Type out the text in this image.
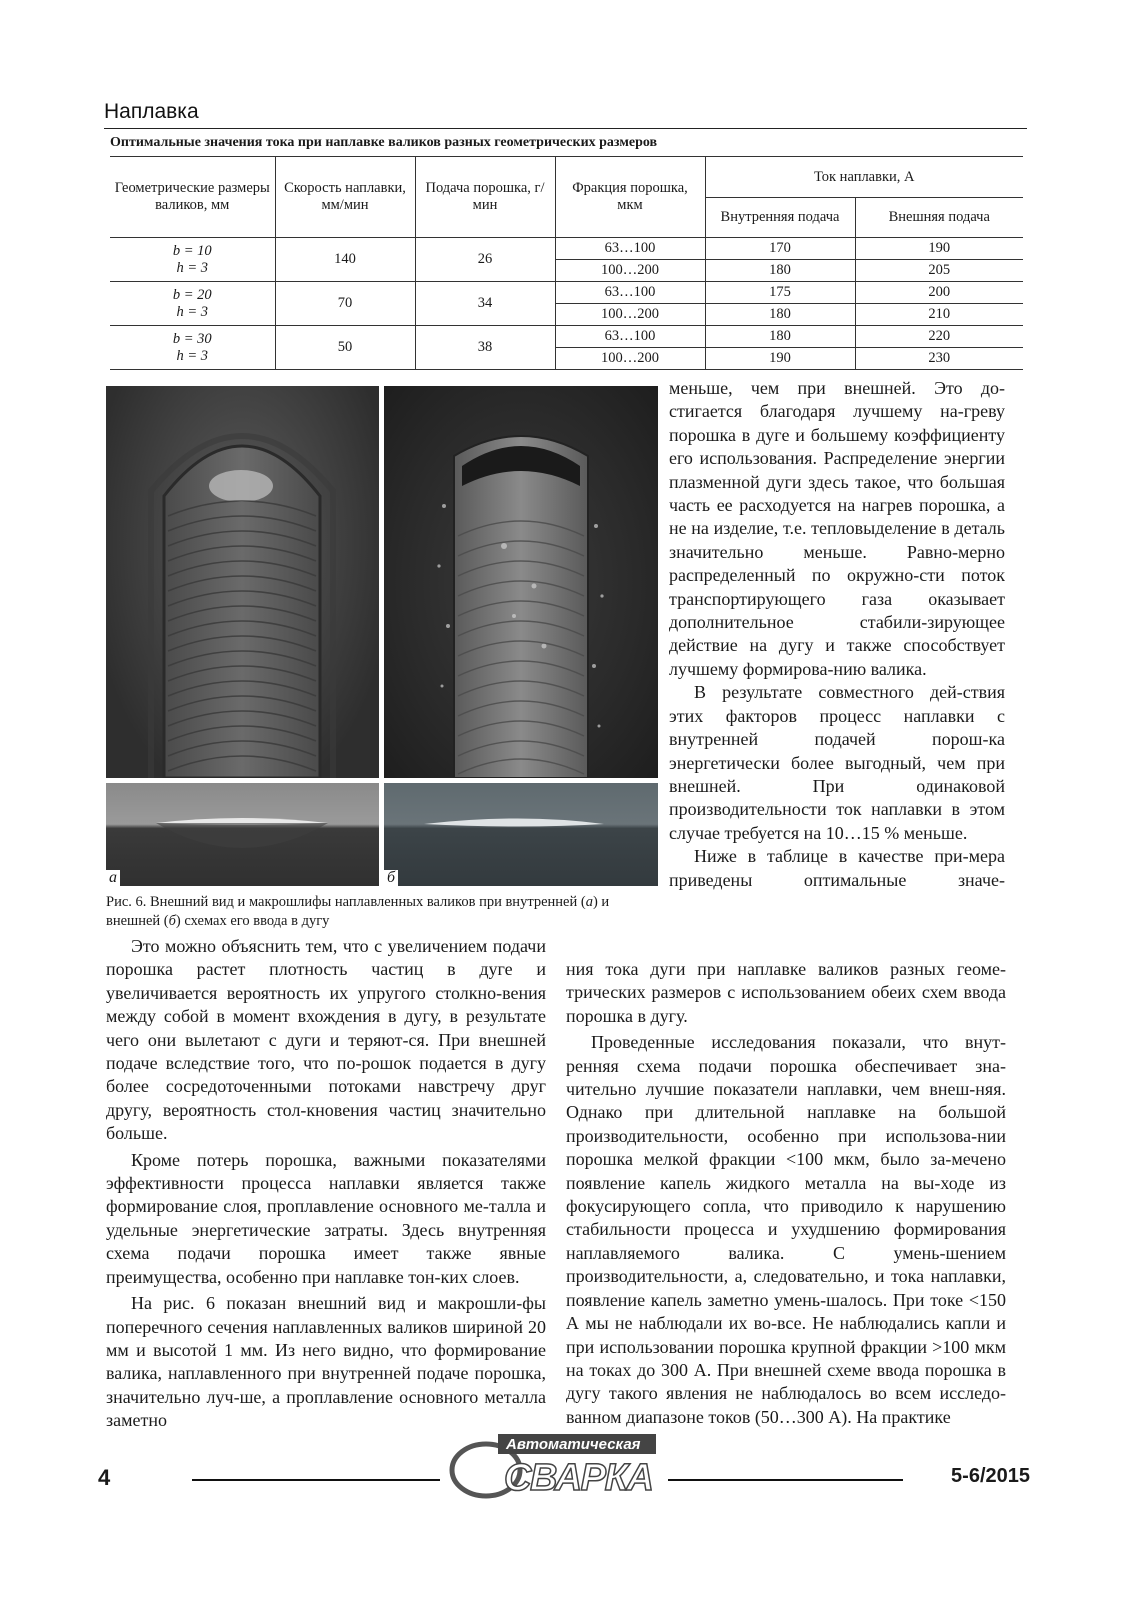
Наплавка
Оптимальные значения тока при наплавке валиков разных геометрических размеров
Геометрические размеры валиков, мм	Скорость наплавки, мм/мин	Подача порошка, г/мин	Фракция порошка, мкм	Ток наплавки, А	
				Внутренняя подача	Внешняя подача
b = 10
h = 3	140	26	63…100	170	190
			100…200	180	205
b = 20
h = 3	70	34	63…100	175	200
			100…200	180	210
b = 30
h = 3	50	38	63…100	180	220
			100…200	190	230
а	б
Рис. 6. Внешний вид и макрошлифы наплавленных валиков при внутренней (а) и внешней (б) схемах его ввода в дугу

меньше, чем при внешней. Это до-стигается благодаря лучшему на-греву порошка в дуге и большему коэффициенту его использования. Распределение энергии плазменной дуги здесь такое, что большая часть ее расходуется на нагрев порошка, а не на изделие, т.е. тепловыделение в деталь значительно меньше. Равно-мерно распределенный по окружно-сти поток транспортирующего газа оказывает дополнительное стабили-зирующее действие на дугу и также способствует лучшему формирова-нию валика.

В результате совместного дей-ствия этих факторов процесс наплавки с внутренней подачей порош-ка энергетически более выгодный, чем при внешней. При одинаковой производительности ток наплавки в этом случае требуется на 10…15 % меньше.

Ниже в таблице в качестве при-мера приведены оптимальные значе-

Это можно объяснить тем, что с увеличением подачи порошка растет плотность частиц в дуге и увеличивается вероятность их упругого столкно-вения между собой в момент вхождения в дугу, в результате чего они вылетают с дуги и теряют-ся. При внешней подаче вследствие того, что по-рошок подается в дугу более сосредоточенными потоками навстречу друг другу, вероятность стол-кновения частиц значительно больше.

Кроме потерь порошка, важными показателями эффективности процесса наплавки является также формирование слоя, проплавление основного ме-талла и удельные энергетические затраты. Здесь внутренняя схема подачи порошка имеет также явные преимущества, особенно при наплавке тон-ких слоев.

На рис. 6 показан внешний вид и макрошли-фы поперечного сечения наплавленных валиков шириной 20 мм и высотой 1 мм. Из него видно, что формирование валика, наплавленного при внутренней подаче порошка, значительно луч-ше, а проплавление основного металла заметно

ния тока дуги при наплавке валиков разных геоме-трических размеров с использованием обеих схем ввода порошка в дугу.

Проведенные исследования показали, что внут-ренняя схема подачи порошка обеспечивает зна-чительно лучшие показатели наплавки, чем внеш-няя. Однако при длительной наплавке на большой производительности, особенно при использова-нии порошка мелкой фракции <100 мкм, было за-мечено появление капель жидкого металла на вы-ходе из фокусирующего сопла, что приводило к нарушению стабильности процесса и ухудшению формирования наплавляемого валика. С умень-шением производительности, а, следовательно, и тока наплавки, появление капель заметно умень-шалось. При токе <150 А мы не наблюдали их во-все. Не наблюдались капли и при использовании порошка крупной фракции >100 мкм на токах до 300 А. При внешней схеме ввода порошка в дугу такого явления не наблюдалось во всем исследо-ванном диапазоне токов (50…300 А). На практике

4
Автоматическая
СВАРКА	5-6/2015
